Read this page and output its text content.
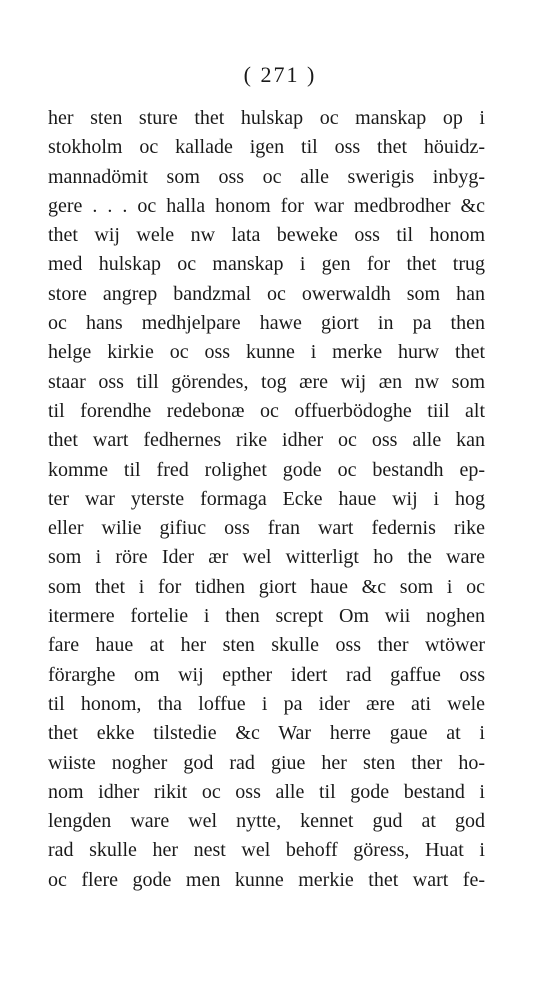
( 271 )
her sten sture thet hulskap oc manskap op i
stokholm oc kallade igen til oss thet höuidz-
mannadömit som oss oc alle swerigis inbyg-
gere . . . oc halla honom for war medbrodher &c
thet wij wele nw lata beweke oss til honom
med hulskap oc manskap i gen for thet trug
store angrep bandzmal oc owerwaldh som han
oc hans medhjelpare hawe giort in pa then
helge kirkie oc oss kunne i merke hurw thet
staar oss till görendes, tog ære wij æn nw som
til forendhe redebonæ oc offuerbödoghe tiil alt
thet wart fedhernes rike idher oc oss alle kan
komme til fred rolighet gode oc bestandh ep-
ter war yterste formaga Ecke haue wij i hog
eller wilie gifiuc oss fran wart federnis rike
som i röre Ider ær wel witterligt ho the ware
som thet i for tidhen giort haue &c som i oc
itermere fortelie i then scrept Om wii noghen
fare haue at her sten skulle oss ther wtöwer
förarghe om wij epther idert rad gaffue oss
til honom, tha loffue i pa ider ære ati wele
thet ekke tilstedie &c War herre gaue at i
wiiste nogher god rad giue her sten ther ho-
nom idher rikit oc oss alle til gode bestand i
lengden ware wel nytte, kennet gud at god
rad skulle her nest wel behoff göress, Huat i
oc flere gode men kunne merkie thet wart fe-
